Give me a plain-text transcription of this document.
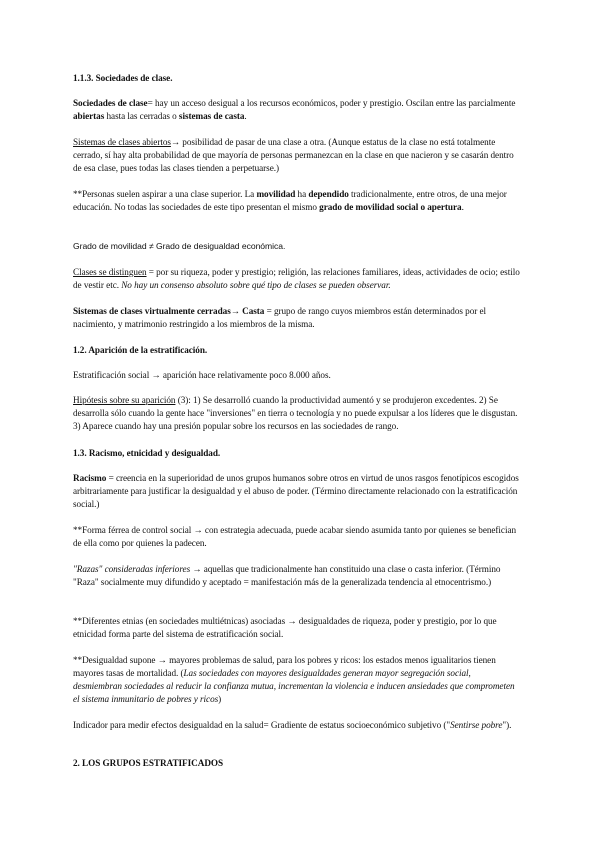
1.1.3. Sociedades de clase.

Sociedades de clase= hay un acceso desigual a los recursos económicos, poder y prestigio. Oscilan entre las parcialmente abiertas hasta las cerradas o sistemas de casta.

Sistemas de clases abiertos→ posibilidad de pasar de una clase a otra. (Aunque estatus de la clase no está totalmente cerrado, sí hay alta probabilidad de que mayoría de personas permanezcan en la clase en que nacieron y se casarán dentro de esa clase, pues todas las clases tienden a perpetuarse.)

**Personas suelen aspirar a una clase superior. La movilidad ha dependido tradicionalmente, entre otros, de una mejor educación. No todas las sociedades de este tipo presentan el mismo grado de movilidad social o apertura.

Grado de movilidad ≠ Grado de desigualdad económica.

Clases se distinguen = por su riqueza, poder y prestigio; religión, las relaciones familiares, ideas, actividades de ocio; estilo de vestir etc. No hay un consenso absoluto sobre qué tipo de clases se pueden observar.

Sistemas de clases virtualmente cerradas→ Casta = grupo de rango cuyos miembros están determinados por el nacimiento, y matrimonio restringido a los miembros de la misma.

1.2. Aparición de la estratificación.

Estratificación social → aparición hace relativamente poco 8.000 años.

Hipótesis sobre su aparición (3): 1) Se desarrolló cuando la productividad aumentó y se produjeron excedentes. 2) Se desarrolla sólo cuando la gente hace "inversiones" en tierra o tecnología y no puede expulsar a los líderes que le disgustan. 3) Aparece cuando hay una presión popular sobre los recursos en las sociedades de rango.

1.3. Racismo, etnicidad y desigualdad.

Racismo = creencia en la superioridad de unos grupos humanos sobre otros en virtud de unos rasgos fenotípicos escogidos arbitrariamente para justificar la desigualdad y el abuso de poder. (Término directamente relacionado con la estratificación social.)

**Forma férrea de control social → con estrategia adecuada, puede acabar siendo asumida tanto por quienes se benefician de ella como por quienes la padecen.

"Razas" consideradas inferiores → aquellas que tradicionalmente han constituido una clase o casta inferior. (Término "Raza" socialmente muy difundido y aceptado = manifestación más de la generalizada tendencia al etnocentrismo.)

**Diferentes etnias (en sociedades multiétnicas) asociadas → desigualdades de riqueza, poder y prestigio, por lo que etnicidad forma parte del sistema de estratificación social.

**Desigualdad supone → mayores problemas de salud, para los pobres y ricos: los estados menos igualitarios tienen mayores tasas de mortalidad. (Las sociedades con mayores desigualdades generan mayor segregación social, desmiembran sociedades al reducir la confianza mutua, incrementan la violencia e inducen ansiedades que comprometen el sistema inmunitario de pobres y ricos)

Indicador para medir efectos desigualdad en la salud= Gradiente de estatus socioeconómico subjetivo ("Sentirse pobre").

2. LOS GRUPOS ESTRATIFICADOS
